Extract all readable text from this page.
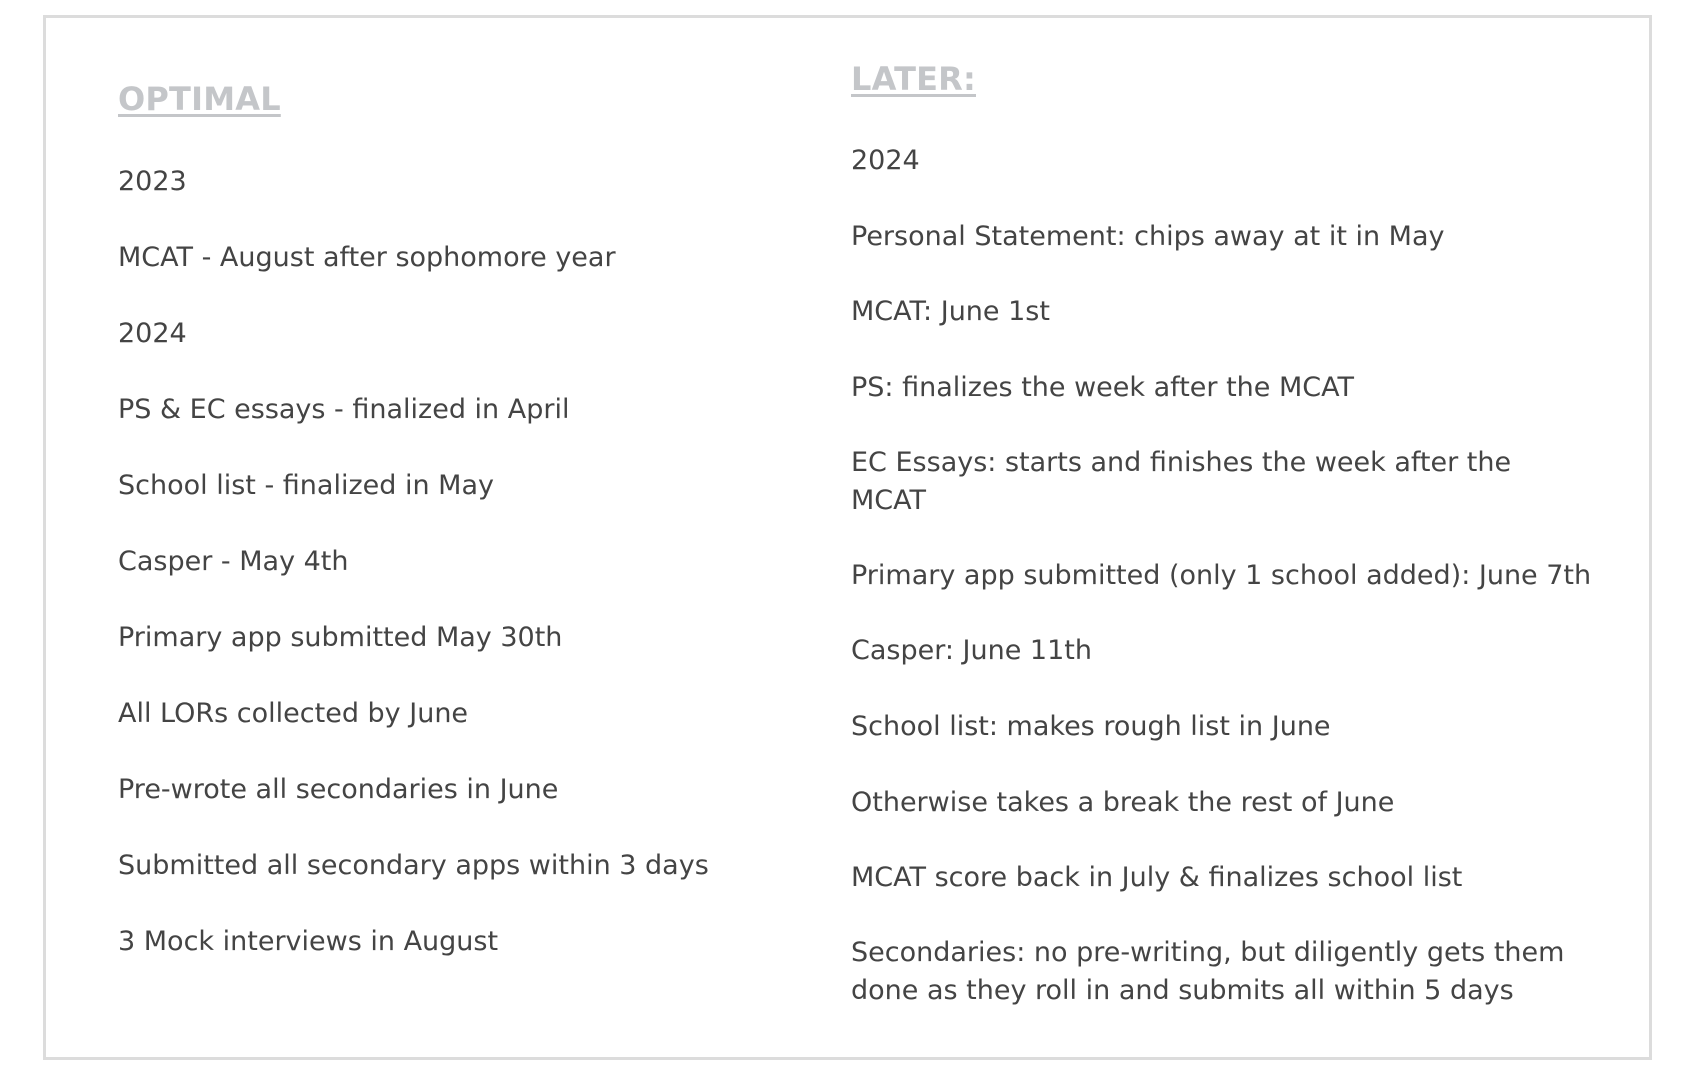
OPTIMAL
2023
MCAT - August after sophomore year
2024
PS & EC essays - finalized in April
School list - finalized in May
Casper - May 4th
Primary app submitted May 30th
All LORs collected by June
Pre-wrote all secondaries in June
Submitted all secondary apps within 3 days
3 Mock interviews in August
LATER:
2024
Personal Statement: chips away at it in May
MCAT: June 1st
PS: finalizes the week after the MCAT
EC Essays: starts and finishes the week after the MCAT
Primary app submitted (only 1 school added): June 7th
Casper: June 11th
School list: makes rough list in June
Otherwise takes a break the rest of June
MCAT score back in July & finalizes school list
Secondaries: no pre-writing, but diligently gets them done as they roll in and submits all within 5 days
